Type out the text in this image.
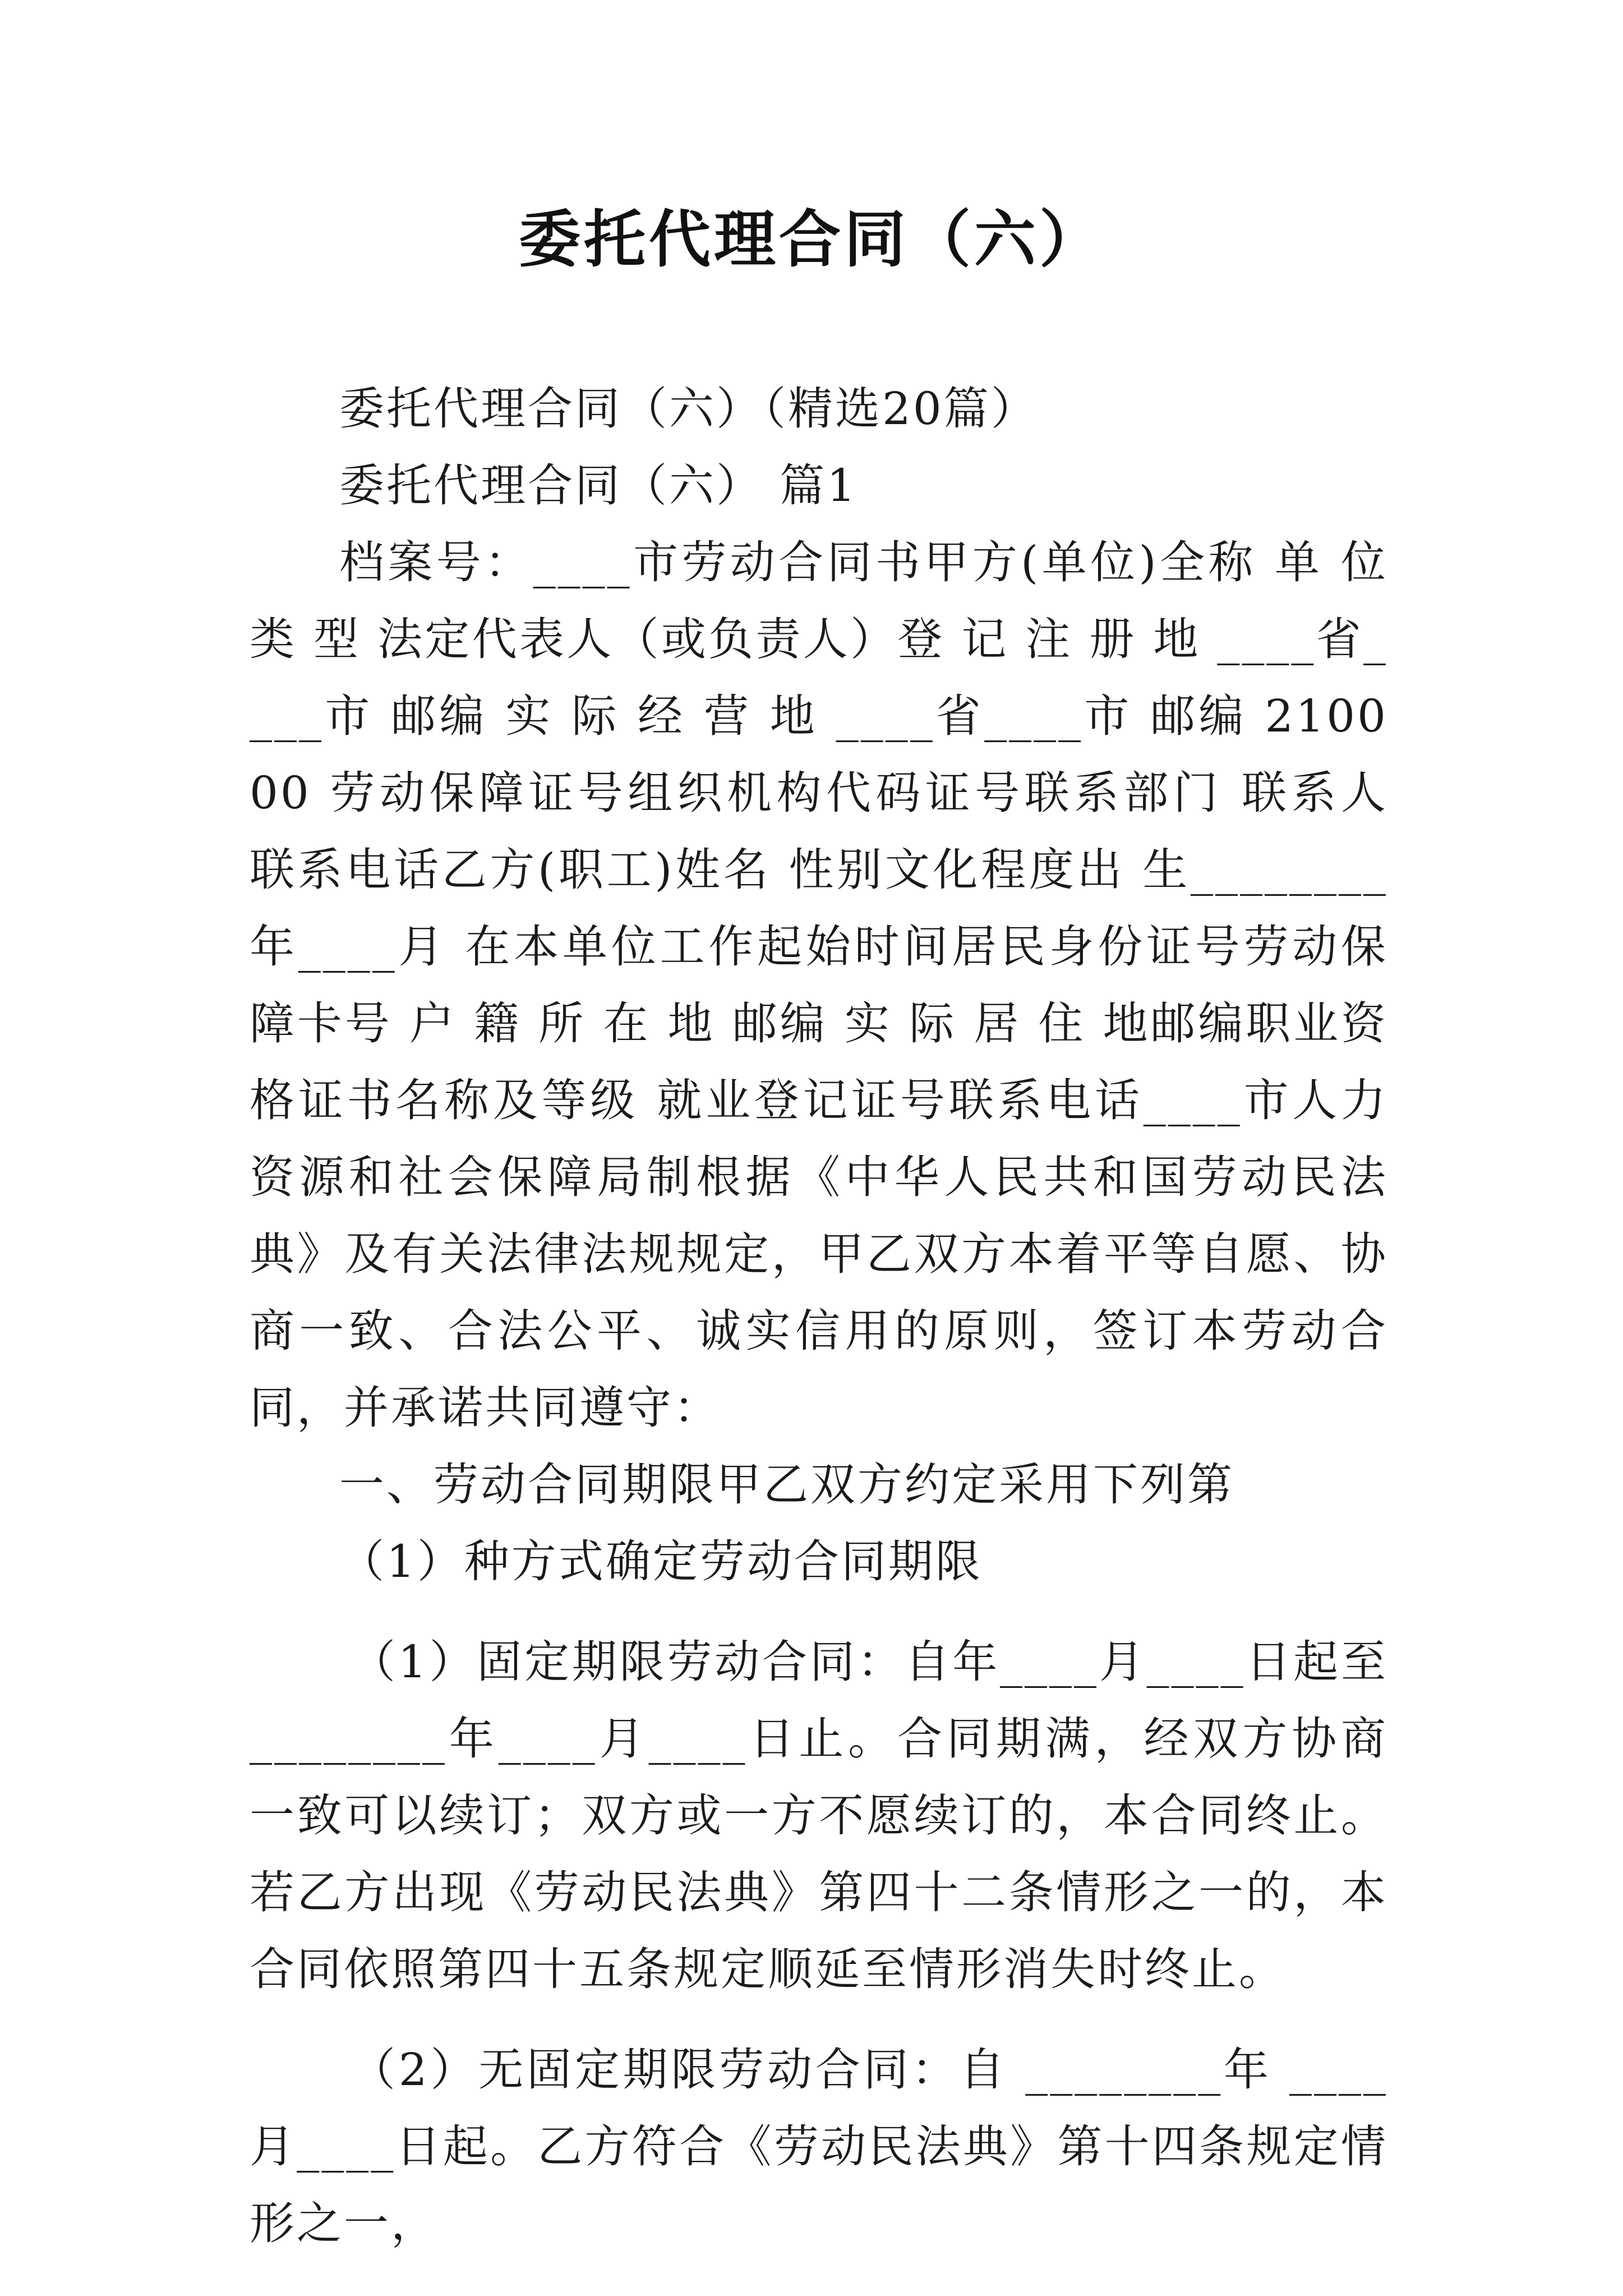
委托代理合同（六）

委托代理合同（六）（精选20篇）

委托代理合同（六） 篇1

档案号：____市劳动合同书甲方(单位)全称 单 位 类 型 法定代表人（或负责人）登 记 注 册 地 ____省____市 邮编 实 际 经 营 地 ____省____市 邮编 210000 劳动保障证号组织机构代码证号联系部门 联系人 联系电话乙方(职工)姓名 性别文化程度出 生________年____月 在本单位工作起始时间居民身份证号劳动保障卡号 户 籍 所 在 地 邮编 实 际 居 住 地邮编职业资格证书名称及等级 就业登记证号联系电话____市人力资源和社会保障局制根据《中华人民共和国劳动民法典》及有关法律法规规定，甲乙双方本着平等自愿、协商一致、合法公平、诚实信用的原则，签订本劳动合同，并承诺共同遵守：

一、劳动合同期限甲乙双方约定采用下列第

（1）种方式确定劳动合同期限

（1）固定期限劳动合同：自年____月____日起至________年____月____日止。合同期满，经双方协商一致可以续订；双方或一方不愿续订的，本合同终止。若乙方出现《劳动民法典》第四十二条情形之一的，本合同依照第四十五条规定顺延至情形消失时终止。

（2）无固定期限劳动合同：自 ________年 ____月____日起。乙方符合《劳动民法典》第十四条规定情形之一，
